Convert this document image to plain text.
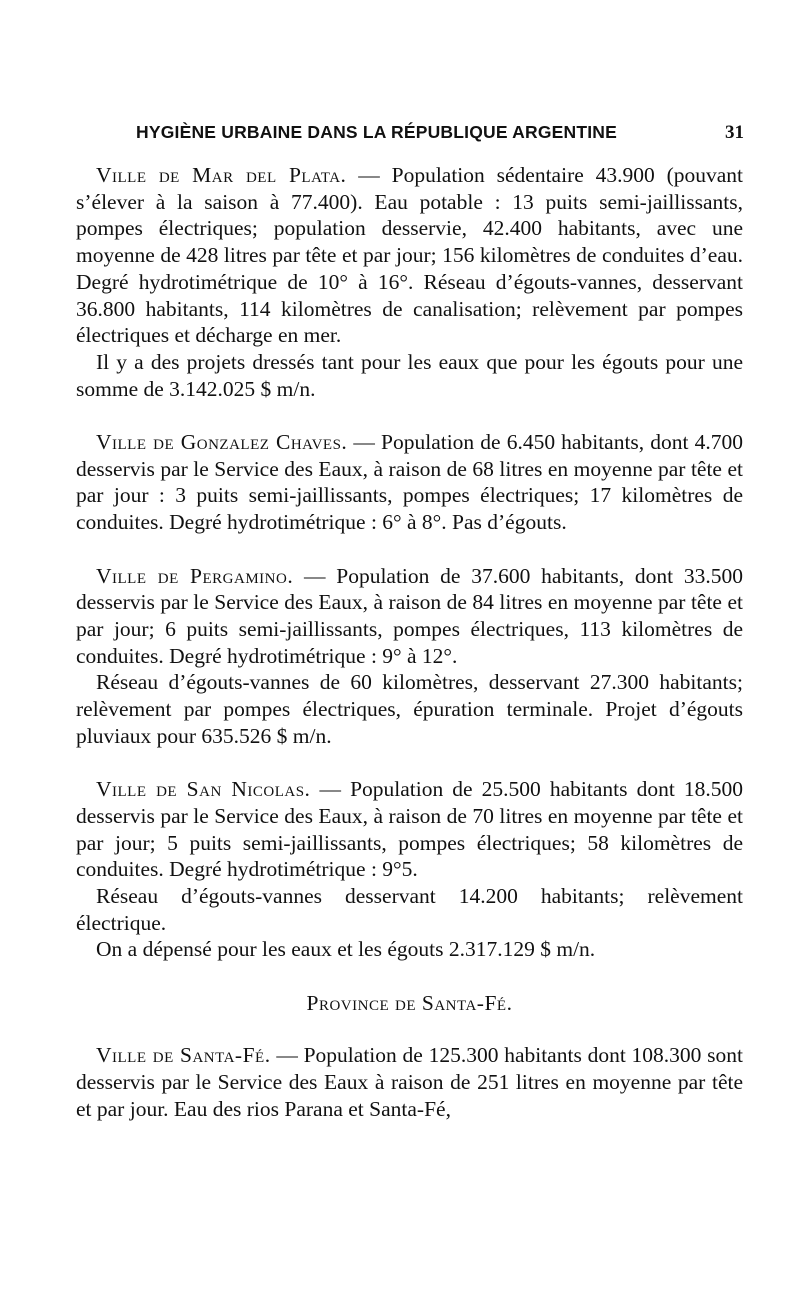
HYGIÈNE URBAINE DANS LA RÉPUBLIQUE ARGENTINE	31

Ville de Mar del Plata. — Population sédentaire 43.900 (pouvant s’élever à la saison à 77.400). Eau potable : 13 puits semi-jaillissants, pompes électriques; population desservie, 42.400 habitants, avec une moyenne de 428 litres par tête et par jour; 156 kilomètres de conduites d’eau. Degré hydrotimétrique de 10° à 16°. Réseau d’égouts-vannes, desservant 36.800 habitants, 114 kilomètres de canalisation; relèvement par pompes électriques et décharge en mer.

Il y a des projets dressés tant pour les eaux que pour les égouts pour une somme de 3.142.025 $ m/n.

Ville de Gonzalez Chaves. — Population de 6.450 habitants, dont 4.700 desservis par le Service des Eaux, à raison de 68 litres en moyenne par tête et par jour : 3 puits semi-jaillissants, pompes électriques; 17 kilomètres de conduites. Degré hydrotimétrique : 6° à 8°. Pas d’égouts.

Ville de Pergamino. — Population de 37.600 habitants, dont 33.500 desservis par le Service des Eaux, à raison de 84 litres en moyenne par tête et par jour; 6 puits semi-jaillissants, pompes électriques, 113 kilomètres de conduites. Degré hydrotimétrique : 9° à 12°.

Réseau d’égouts-vannes de 60 kilomètres, desservant 27.300 habitants; relèvement par pompes électriques, épuration terminale. Projet d’égouts pluviaux pour 635.526 $ m/n.

Ville de San Nicolas. — Population de 25.500 habitants dont 18.500 desservis par le Service des Eaux, à raison de 70 litres en moyenne par tête et par jour; 5 puits semi-jaillissants, pompes électriques; 58 kilomètres de conduites. Degré hydrotimétrique : 9°5.

Réseau d’égouts-vannes desservant 14.200 habitants; relèvement électrique.

On a dépensé pour les eaux et les égouts 2.317.129 $ m/n.

Province de Santa-Fé.

Ville de Santa-Fé. — Population de 125.300 habitants dont 108.300 sont desservis par le Service des Eaux à raison de 251 litres en moyenne par tête et par jour. Eau des rios Parana et Santa-Fé,
